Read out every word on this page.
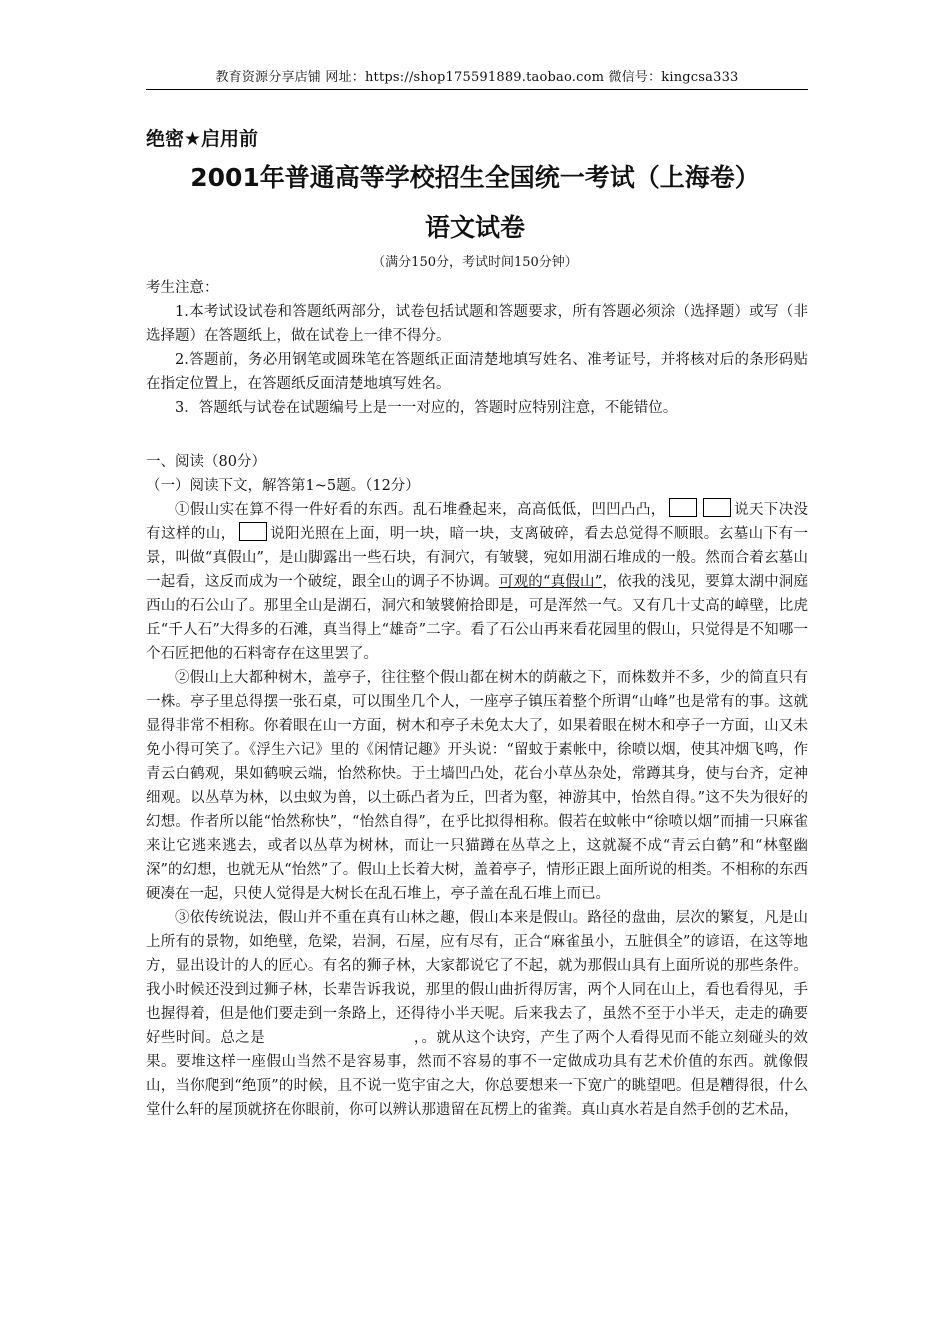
教育资源分享店铺 网址：https://shop175591889.taobao.com 微信号：kingcsa333
绝密★启用前
2001年普通高等学校招生全国统一考试（上海卷）
语文试卷
（满分150分，考试时间150分钟）

考生注意：

1.本考试设试卷和答题纸两部分，试卷包括试题和答题要求，所有答题必须涂（选择题）或写（非选择题）在答题纸上，做在试卷上一律不得分。

2.答题前，务必用钢笔或圆珠笔在答题纸正面清楚地填写姓名、准考证号，并将核对后的条形码贴在指定位置上，在答题纸反面清楚地填写姓名。

3．答题纸与试卷在试题编号上是一一对应的，答题时应特别注意，不能错位。

一、阅读（80分）

（一）阅读下文，解答第1~5题。（12分）

①假山实在算不得一件好看的东西。乱石堆叠起来，高高低低，凹凹凸凸，	说天下决没有这样的山， 说阳光照在上面，明一块，暗一块，支离破碎，看去总觉得不顺眼。玄墓山下有一景，叫做“真假山”，是山脚露出一些石块，有洞穴，有皱襞，宛如用湖石堆成的一般。然而合着玄墓山一起看，这反而成为一个破绽，跟全山的调子不协调。可观的“真假山”，依我的浅见，要算太湖中洞庭西山的石公山了。那里全山是湖石，洞穴和皱襞俯拾即是，可是浑然一气。又有几十丈高的嶂壁，比虎丘“千人石”大得多的石滩，真当得上“雄奇”二字。看了石公山再来看花园里的假山，只觉得是不知哪一个石匠把他的石料寄存在这里罢了。

②假山上大都种树木，盖亭子，往往整个假山都在树木的荫蔽之下，而株数并不多，少的简直只有一株。亭子里总得摆一张石桌，可以围坐几个人，一座亭子镇压着整个所谓“山峰”也是常有的事。这就显得非常不相称。你着眼在山一方面，树木和亭子未免太大了，如果着眼在树木和亭子一方面，山又未免小得可笑了。《浮生六记》里的《闲情记趣》开头说：“留蚊于素帐中，徐喷以烟，使其冲烟飞鸣，作青云白鹤观，果如鹤唳云端，怡然称快。于土墙凹凸处，花台小草丛杂处，常蹲其身，使与台齐，定神细观。以丛草为林，以虫蚁为兽，以土砾凸者为丘，凹者为壑，神游其中，怡然自得。”这不失为很好的幻想。作者所以能“怡然称快”，“怡然自得”，在乎比拟得相称。假若在蚊帐中“徐喷以烟”而捕一只麻雀来让它逃来逃去，或者以丛草为树林，而让一只猫蹲在丛草之上，这就凝不成“青云白鹤”和“林壑幽深”的幻想，也就无从“怡然”了。假山上长着大树，盖着亭子，情形正跟上面所说的相类。不相称的东西硬凑在一起，只使人觉得是大树长在乱石堆上，亭子盖在乱石堆上而已。

③依传统说法，假山并不重在真有山林之趣，假山本来是假山。路径的盘曲，层次的繁复，凡是山上所有的景物，如绝壁，危梁，岩洞，石屋，应有尽有，正合“麻雀虽小，五脏俱全”的谚语，在这等地方，显出设计的人的匠心。有名的狮子林，大家都说它了不起，就为那假山具有上面所说的那些条件。我小时候还没到过狮子林，长辈告诉我说，那里的假山曲折得厉害，两个人同在山上，看也看得见，手也握得着，但是他们要走到一条路上，还得待小半天呢。后来我去了，虽然不至于小半天，走走的确要好些时间。总之是　　　　　　　　　　	，。就从这个诀窍，产生了两个人看得见而不能立刻碰头的效果。要堆这样一座假山当然不是容易事，然而不容易的事不一定做成功具有艺术价值的东西。就像假山，当你爬到“绝顶”的时候，且不说一览宇宙之大，你总要想来一下宽广的眺望吧。但是糟得很，什么堂什么轩的屋顶就挤在你眼前，你可以辨认那遗留在瓦楞上的雀粪。真山真水若是自然手创的艺术品，
